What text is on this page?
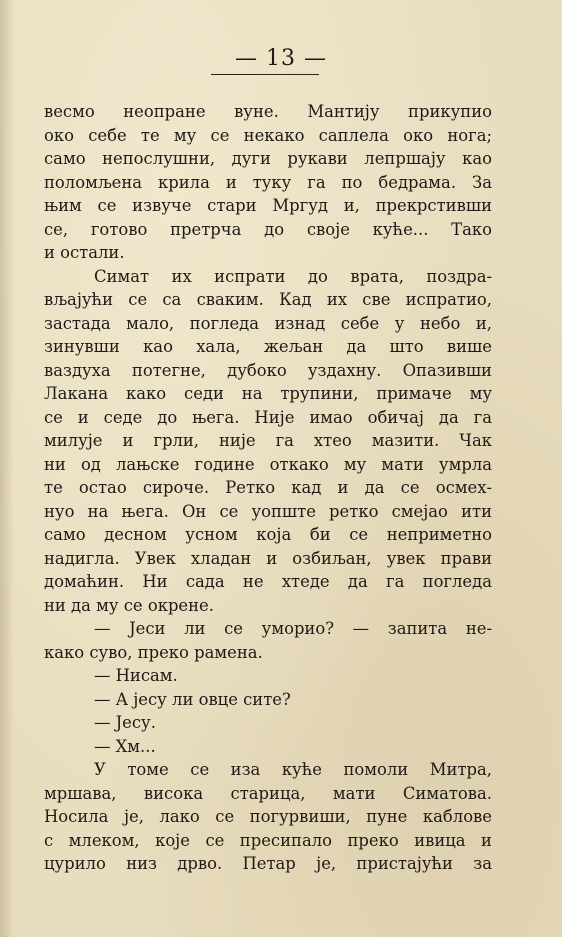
— 13 —
весмо неопране вуне. Мантију прикупио
око себе те му се некако саплела око нога;
само непослушни, дуги рукави лепршају као
поломљена крила и туку га по бедрама. За
њим се извуче стари Мргуд и, прекрстивши
се, готово претрча до своје куће... Тако
и остали.
Симат их испрати до врата, поздра-
вљајући се са сваким. Кад их све испратио,
застада мало, погледа изнад себе у небо и,
зинувши као хала, жељан да што више
ваздуха потегне, дубоко уздахну. Опазивши
Лакана како седи на трупини, примаче му
се и седе до њега. Није имао обичај да га
милује и грли, није га хтео мазити. Чак
ни од лањске године откако му мати умрла
те остао сироче. Ретко кад и да се осмех-
нуо на њега. Он се уопште ретко смејао ити
само десном усном која би се неприметно
надигла. Увек хладан и озбиљан, увек прави
домаћин. Ни сада не хтеде да га погледа
ни да му се окрене.
— Јеси ли се уморио? — запита не-
како суво, преко рамена.
— Нисам.
— А јесу ли овце сите?
— Јесу.
— Хм...
У томе се иза куће помоли Митра,
мршава, висока старица, мати Симатова.
Носила је, лако се погурвиши, пуне каблове
с млеком, које се пресипало преко ивица и
цурило низ дрво. Петар је, пристајући за
